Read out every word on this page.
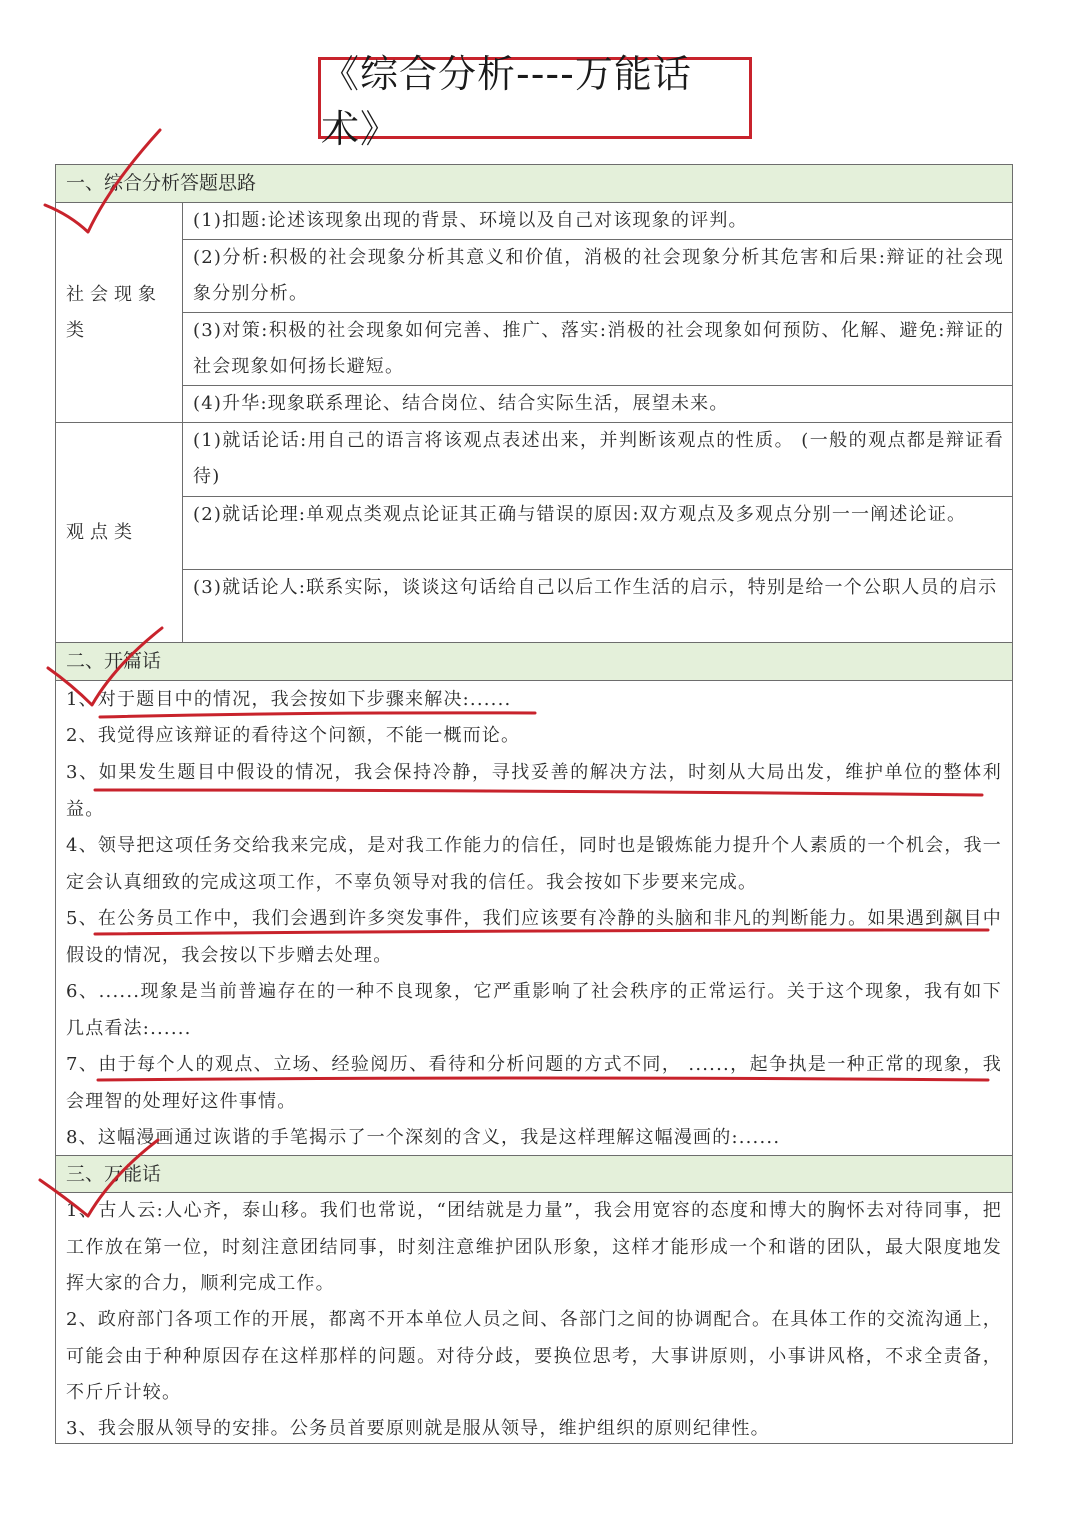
《综合分析----万能话术》
一、综合分析答题思路
社会现象类
(1)扣题:论述该现象出现的背景、环境以及自己对该现象的评判。
(2)分析:积极的社会现象分析其意义和价值，消极的社会现象分析其危害和后果:辩证的社会现象分别分析。
(3)对策:积极的社会现象如何完善、推广、落实:消极的社会现象如何预防、化解、避免:辩证的社会现象如何扬长避短。
(4)升华:现象联系理论、结合岗位、结合实际生活，展望未来。
观点类
(1)就话论话:用自己的语言将该观点表述出来，并判断该观点的性质。 (一般的观点都是辩证看待)
(2)就话论理:单观点类观点论证其正确与错误的原因:双方观点及多观点分别一一阐述论证。
(3)就话论人:联系实际，谈谈这句话给自己以后工作生活的启示，特别是给一个公职人员的启示
二、开篇话
1、对于题目中的情况，我会按如下步骤来解决:......
2、我觉得应该辩证的看待这个问额，不能一概而论。
3、如果发生题目中假设的情况，我会保持冷静，寻找妥善的解决方法，时刻从大局出发，维护单位的整体利益。
4、领导把这项任务交给我来完成，是对我工作能力的信任，同时也是锻炼能力提升个人素质的一个机会，我一定会认真细致的完成这项工作，不辜负领导对我的信任。我会按如下步要来完成。
5、在公务员工作中，我们会遇到许多突发事件，我们应该要有冷静的头脑和非凡的判断能力。如果遇到飙目中假设的情况，我会按以下步赠去处理。
6、......现象是当前普遍存在的一种不良现象，它严重影响了社会秩序的正常运行。关于这个现象，我有如下几点看法:......
7、由于每个人的观点、立场、经验阅历、看待和分析问题的方式不同， ......，起争执是一种正常的现象，我会理智的处理好这件事情。
8、这幅漫画通过诙谐的手笔揭示了一个深刻的含义，我是这样理解这幅漫画的:......
三、万能话
1、古人云:人心齐，泰山移。我们也常说，“团结就是力量”，我会用宽容的态度和博大的胸怀去对待同事，把工作放在第一位，时刻注意团结同事，时刻注意维护团队形象，这样才能形成一个和谐的团队，最大限度地发挥大家的合力，顺利完成工作。
2、政府部门各项工作的开展，都离不开本单位人员之间、各部门之间的协调配合。在具体工作的交流沟通上，可能会由于种种原因存在这样那样的问题。对待分歧，要换位思考，大事讲原则，小事讲风格，不求全责备，不斤斤计较。
3、我会服从领导的安排。公务员首要原则就是服从领导，维护组织的原则纪律性。
